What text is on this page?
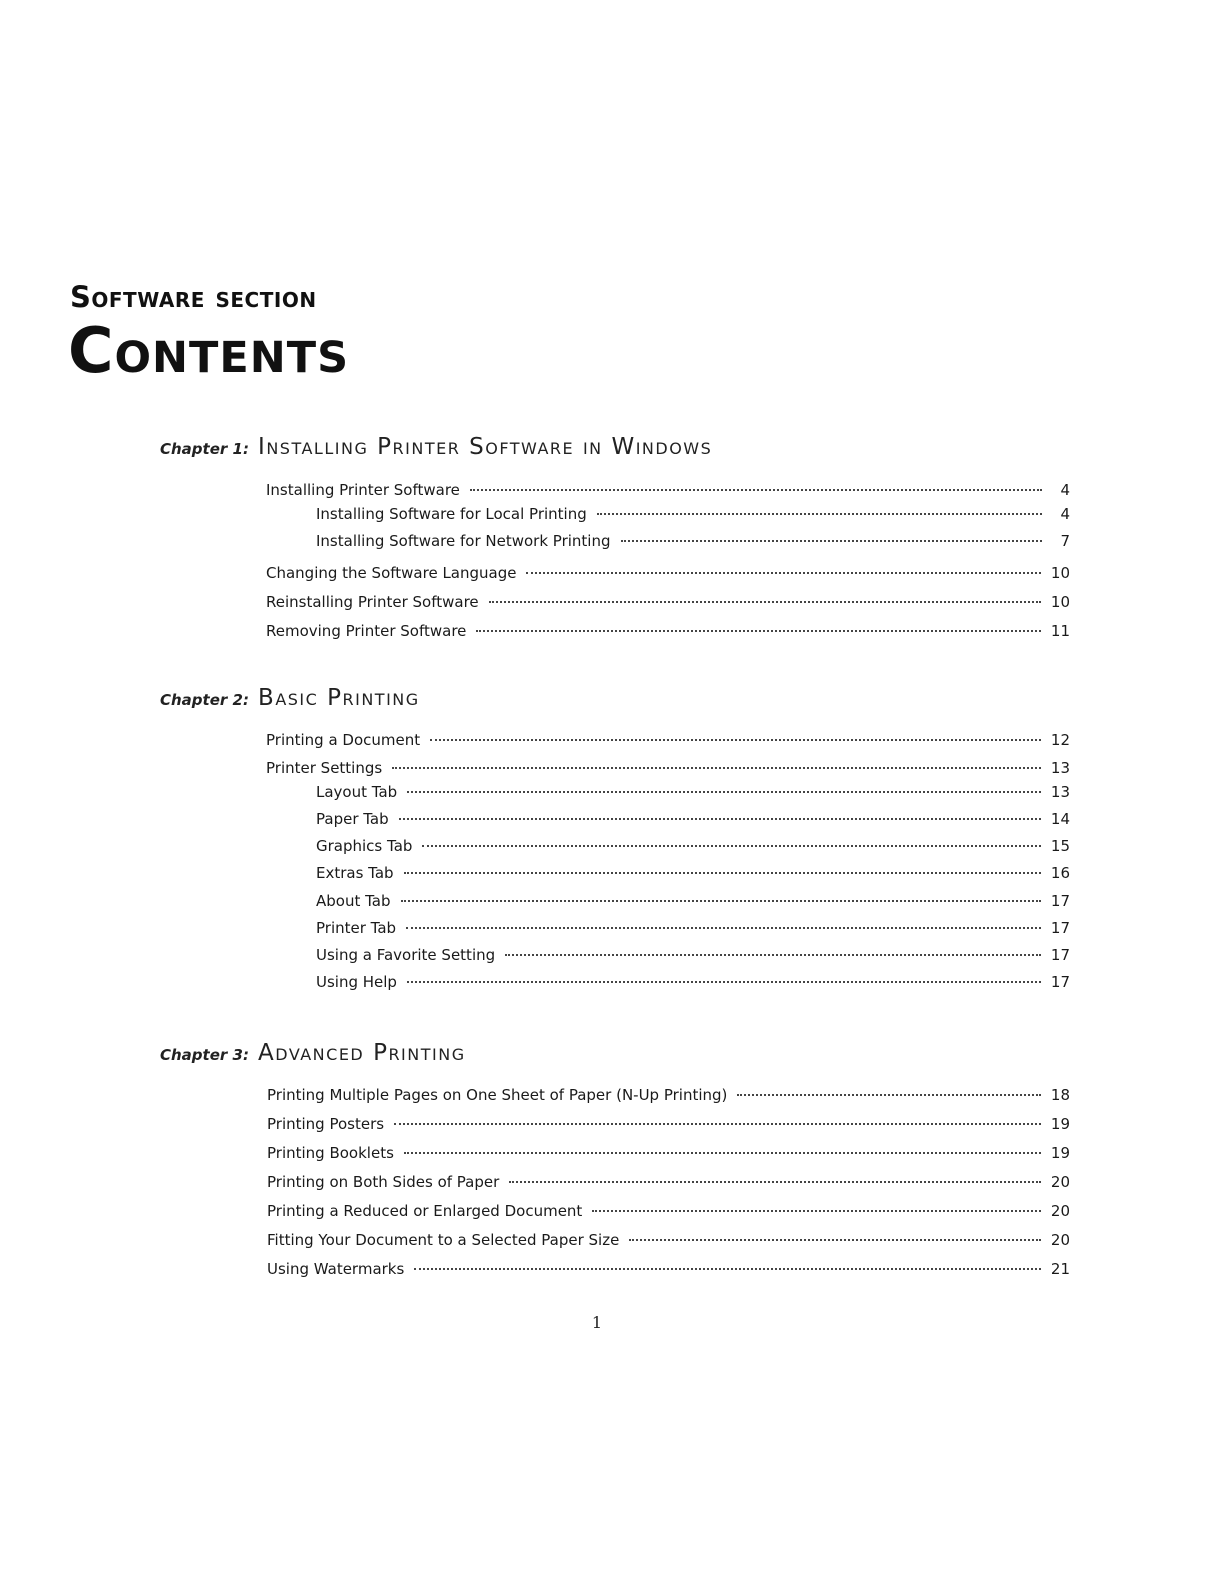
Software section
Contents
Chapter 1: Installing Printer Software in Windows
Installing Printer Software	4
Installing Software for Local Printing	4
Installing Software for Network Printing	7
Changing the Software Language	10
Reinstalling Printer Software	10
Removing Printer Software	11
Chapter 2: Basic Printing
Printing a Document	12
Printer Settings	13
Layout Tab	13
Paper Tab	14
Graphics Tab	15
Extras Tab	16
About Tab	17
Printer Tab	17
Using a Favorite Setting	17
Using Help	17
Chapter 3: Advanced Printing
Printing Multiple Pages on One Sheet of Paper (N-Up Printing)	18
Printing Posters	19
Printing Booklets	19
Printing on Both Sides of Paper	20
Printing a Reduced or Enlarged Document	20
Fitting Your Document to a Selected Paper Size	20
Using Watermarks	21
1
